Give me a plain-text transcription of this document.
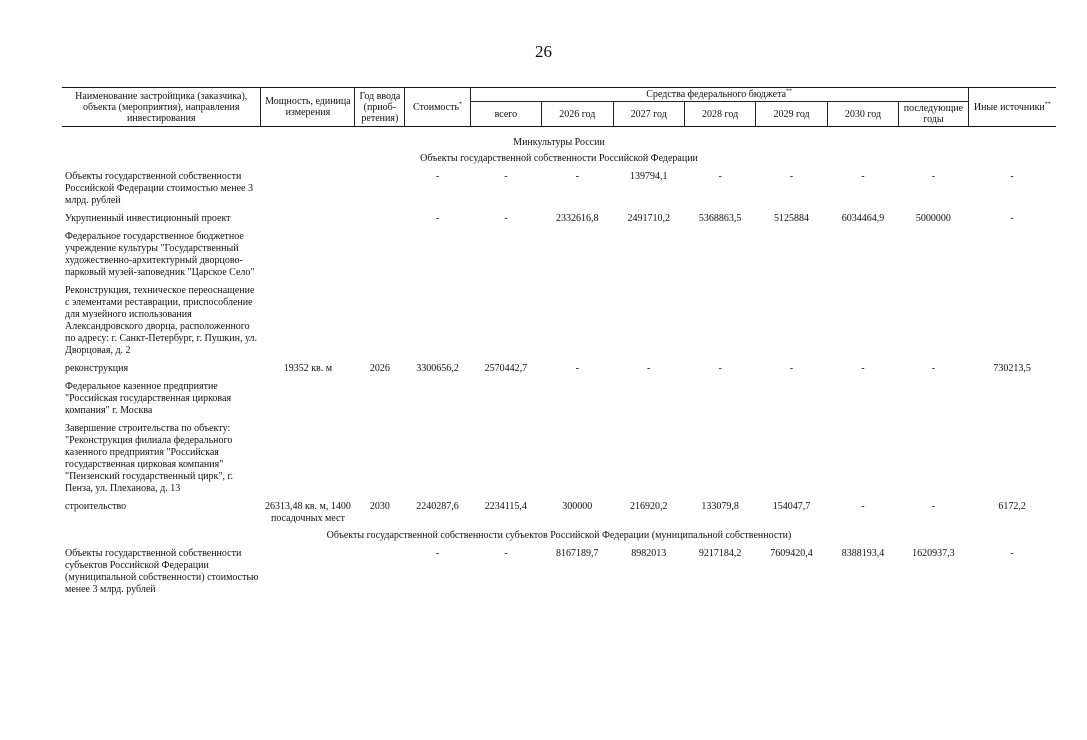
26
Наименование застройщика (заказчика), объекта (мероприятия), направления инвестирования	Мощность, единица измерения	Год ввода (приоб-ретения)	Стоимость*	Средства федерального бюджета**							Иные источники**
				всего	2026 год	2027 год	2028 год	2029 год	2030 год	последующие годы	
Минкультуры России											
Объекты государственной собственности Российской Федерации											
Объекты государственной собственности Российской Федерации стоимостью менее 3 млрд. рублей			-	-	-	139794,1	-	-	-	-	-
Укрупненный инвестиционный проект			-	-	2332616,8	2491710,2	5368863,5	5125884	6034464,9	5000000	-
Федеральное государственное бюджетное учреждение культуры "Государственный художественно-архитектурный дворцово-парковый музей-заповедник "Царское Село"											
Реконструкция, техническое переоснащение с элементами реставрации, приспособление для музейного использования Александровского дворца, расположенного по адресу: г. Санкт-Петербург, г. Пушкин, ул. Дворцовая, д. 2											
реконструкция	19352 кв. м	2026	3300656,2	2570442,7	-	-	-	-	-	-	730213,5
Федеральное казенное предприятие "Российская государственная цирковая компания" г. Москва											
Завершение строительства по объекту: "Реконструкция филиала федерального казенного предприятия "Российская государственная цирковая компания" "Пензенский государственный цирк", г. Пенза, ул. Плеханова, д. 13											
строительство	26313,48 кв. м, 1400 посадочных мест	2030	2240287,6	2234115,4	300000	216920,2	133079,8	154047,7	-	-	6172,2
Объекты государственной собственности субъектов Российской Федерации (муниципальной собственности)											
Объекты государственной собственности субъектов Российской Федерации (муниципальной собственности) стоимостью менее 3 млрд. рублей			-	-	8167189,7	8982013	9217184,2	7609420,4	8388193,4	1620937,3	-
